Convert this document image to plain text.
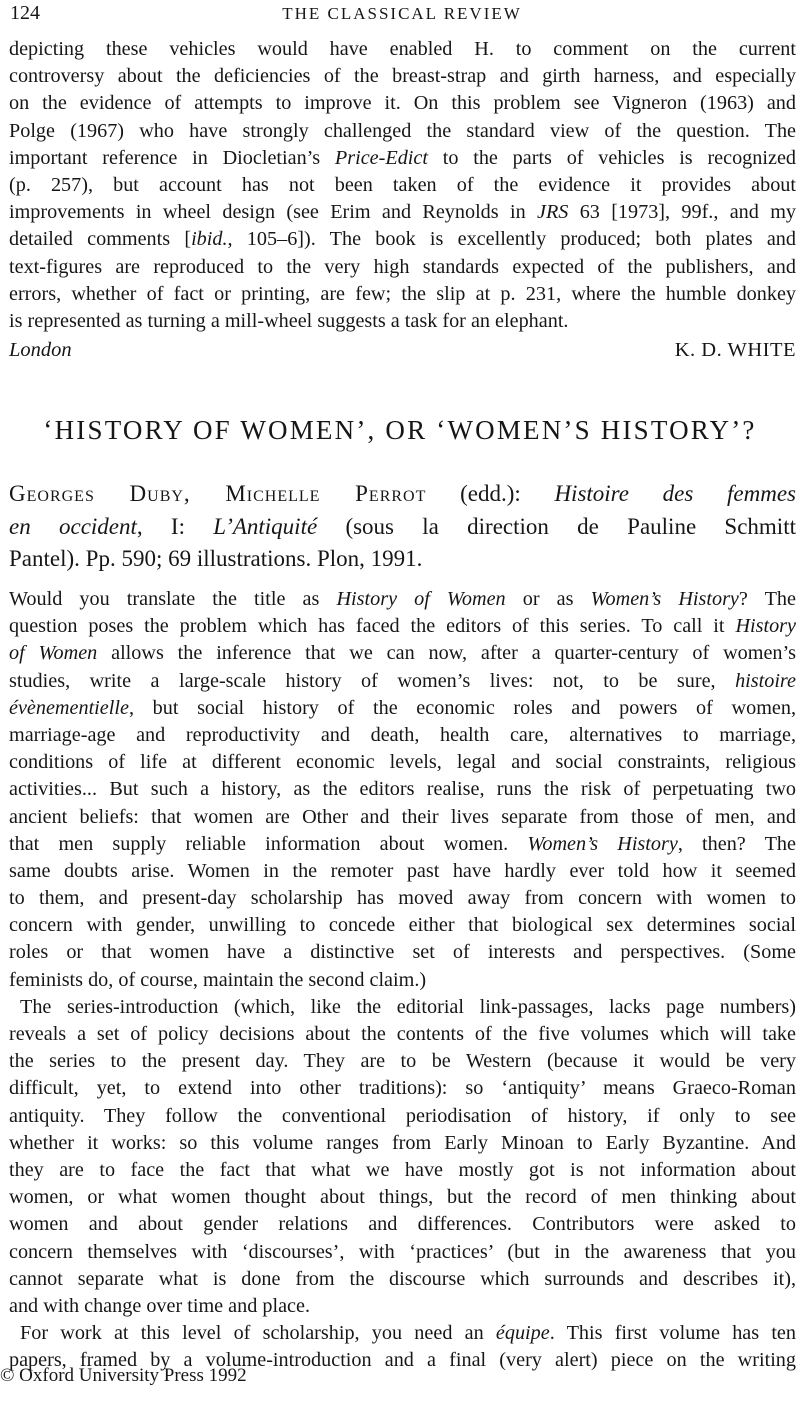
124	THE CLASSICAL REVIEW
depicting these vehicles would have enabled H. to comment on the current
controversy about the deficiencies of the breast-strap and girth harness, and especially
on the evidence of attempts to improve it. On this problem see Vigneron (1963) and
Polge (1967) who have strongly challenged the standard view of the question. The
important reference in Diocletian’s Price-Edict to the parts of vehicles is recognized
(p. 257), but account has not been taken of the evidence it provides about
improvements in wheel design (see Erim and Reynolds in JRS 63 [1973], 99f., and my
detailed comments [ibid., 105–6]). The book is excellently produced; both plates and
text-figures are reproduced to the very high standards expected of the publishers, and
errors, whether of fact or printing, are few; the slip at p. 231, where the humble donkey
is represented as turning a mill-wheel suggests a task for an elephant.
London	K. D. WHITE
‘HISTORY OF WOMEN’, OR ‘WOMEN’S HISTORY’?
Georges Duby, Michelle Perrot (edd.): Histoire des femmes
en occident, I: L’Antiquité (sous la direction de Pauline Schmitt
Pantel). Pp. 590; 69 illustrations. Plon, 1991.
Would you translate the title as History of Women or as Women’s History? The
question poses the problem which has faced the editors of this series. To call it History
of Women allows the inference that we can now, after a quarter-century of women’s
studies, write a large-scale history of women’s lives: not, to be sure, histoire
évènementielle, but social history of the economic roles and powers of women,
marriage-age and reproductivity and death, health care, alternatives to marriage,
conditions of life at different economic levels, legal and social constraints, religious
activities... But such a history, as the editors realise, runs the risk of perpetuating two
ancient beliefs: that women are Other and their lives separate from those of men, and
that men supply reliable information about women. Women’s History, then? The
same doubts arise. Women in the remoter past have hardly ever told how it seemed
to them, and present-day scholarship has moved away from concern with women to
concern with gender, unwilling to concede either that biological sex determines social
roles or that women have a distinctive set of interests and perspectives. (Some
feminists do, of course, maintain the second claim.)
The series-introduction (which, like the editorial link-passages, lacks page numbers)
reveals a set of policy decisions about the contents of the five volumes which will take
the series to the present day. They are to be Western (because it would be very
difficult, yet, to extend into other traditions): so ‘antiquity’ means Graeco-Roman
antiquity. They follow the conventional periodisation of history, if only to see
whether it works: so this volume ranges from Early Minoan to Early Byzantine. And
they are to face the fact that what we have mostly got is not information about
women, or what women thought about things, but the record of men thinking about
women and about gender relations and differences. Contributors were asked to
concern themselves with ‘discourses’, with ‘practices’ (but in the awareness that you
cannot separate what is done from the discourse which surrounds and describes it),
and with change over time and place.
For work at this level of scholarship, you need an équipe. This first volume has ten
papers, framed by a volume-introduction and a final (very alert) piece on the writing
© Oxford University Press 1992
